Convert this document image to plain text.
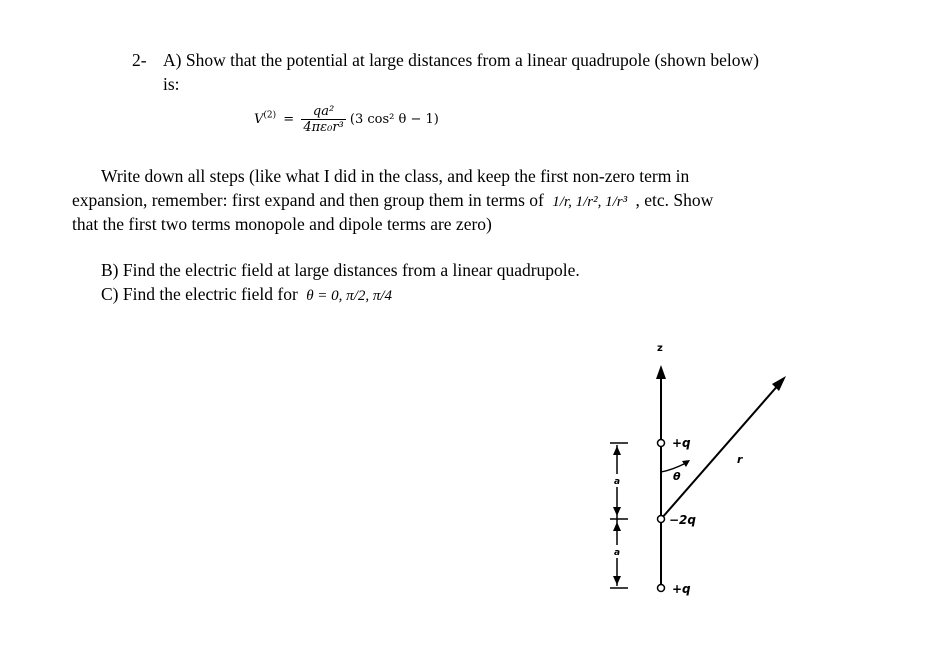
2- A) Show that the potential at large distances from a linear quadrupole (shown below)
is:
$V^{(2)} = \frac{\text{qa²}}{\text{4πε₀r³}} (3$ cos² θ − 1)
Write down all steps (like what I did in the class, and keep the first non-zero term in
expansion, remember: first expand and then group them in terms of 1/r, 1/r², 1/r³ , etc. Show
that the first two terms monopole and dipole terms are zero)
B) Find the electric field at large distances from a linear quadrupole.
C) Find the electric field for θ = 0, π/2, π/4
z
r
θ
+q
−2q
+q
a
a
